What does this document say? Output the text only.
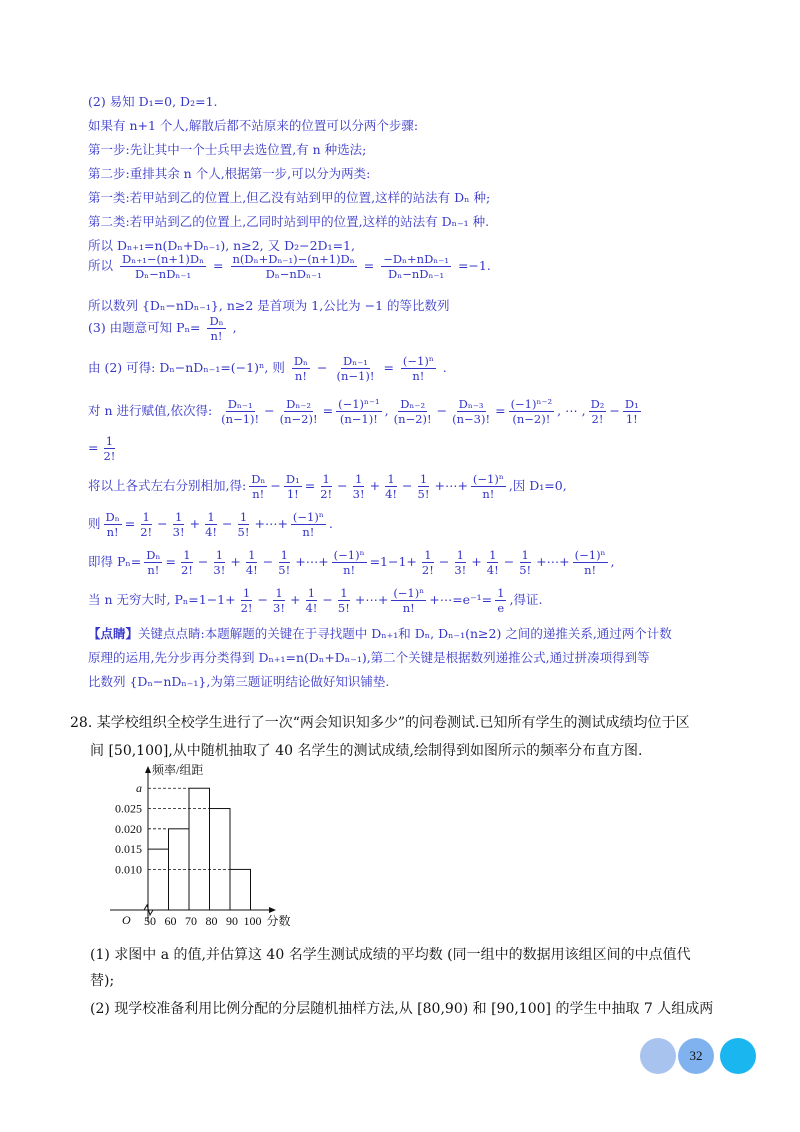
(2) 易知 D₁=0, D₂=1.
如果有 n+1 个人,解散后都不站原来的位置可以分两个步骤:
第一步:先让其中一个士兵甲去选位置,有 n 种选法;
第二步:重排其余 n 个人,根据第一步,可以分为两类:
第一类:若甲站到乙的位置上,但乙没有站到甲的位置,这样的站法有 Dₙ 种;
第二类:若甲站到乙的位置上,乙同时站到甲的位置,这样的站法有 Dₙ₋₁ 种.
所以 Dₙ₊₁=n(Dₙ+Dₙ₋₁), n≥2, 又 D₂−2D₁=1,
所以 $\frac{\text{Dₙ₊₁−(n+1)Dₙ}}{\text{Dₙ−nDₙ₋₁}} = \frac{\text{n(Dₙ+Dₙ₋₁)−(n+1)Dₙ}}{\text{Dₙ−nDₙ₋₁}} = \frac{\text{−Dₙ+nDₙ₋₁}}{\text{Dₙ−nDₙ₋₁}} =-1$.
所以数列 {Dₙ−nDₙ₋₁}, n≥2 是首项为 1,公比为 −1 的等比数列
(3) 由题意可知 $P_n= \frac{\text{Dₙ}}{n!}$ ,
由 (2) 可得: Dₙ−nDₙ₋₁=(−1)ⁿ, 则 $\frac{\text{Dₙ}}{n!} - \frac{\text{Dₙ₋₁}}{(n-1)!} = \frac{\text{(−1)ⁿ}}{n!}$ .
对 n 进行赋值,依次得: $\frac{\text{Dₙ₋₁}}{(n-1)!} - \frac{\text{Dₙ₋₂}}{(n-2)!} = \frac{\text{(−1)ⁿ⁻¹}}{(n-1)!}$ , $\frac{\text{Dₙ₋₂}}{(n-2)!} - \frac{\text{Dₙ₋₃}}{(n-3)!} = \frac{\text{(−1)ⁿ⁻²}}{(n-2)!}$ , ⋯ , $\frac{\text{D₂}}{2!} - \frac{\text{D₁}}{1!}$
= $\frac{1}{2!}$
将以上各式左右分别相加,得: $\frac{\text{Dₙ}}{n!} - \frac{\text{D₁}}{1!} = \frac{1}{2!} - \frac{1}{3!} + \frac{1}{4!} - \frac{1}{5!}$ +⋯+ $\frac{\text{(−1)ⁿ}}{n!}$ ,因 D₁=0,
则 $\frac{\text{Dₙ}}{n!} = \frac{1}{2!} - \frac{1}{3!} + \frac{1}{4!} - \frac{1}{5!}$ +⋯+ $\frac{\text{(−1)ⁿ}}{n!}$ .
即得 $P_n= \frac{\text{Dₙ}}{n!} = \frac{1}{2!} - \frac{1}{3!} + \frac{1}{4!} - \frac{1}{5!}$ +⋯+ $\frac{\text{(−1)ⁿ}}{n!} =1-1+ \frac{1}{2!} - \frac{1}{3!} + \frac{1}{4!} - \frac{1}{5!}$ +⋯+ $\frac{\text{(−1)ⁿ}}{n!}$ ,
当 n 无穷大时, $P_n=1-1+ \frac{1}{2!} - \frac{1}{3!} + \frac{1}{4!} - \frac{1}{5!}$ +⋯+ $\frac{\text{(−1)ⁿ}}{n!}$ +⋯=e⁻¹= $\frac{1}{e}$ ,得证.
【点睛】关键点点睛:本题解题的关键在于寻找题中 Dₙ₊₁和 Dₙ, Dₙ₋₁(n≥2) 之间的递推关系,通过两个计数
原理的运用,先分步再分类得到 Dₙ₊₁=n(Dₙ+Dₙ₋₁),第二个关键是根据数列递推公式,通过拼凑项得到等
比数列 {Dₙ−nDₙ₋₁},为第三题证明结论做好知识铺垫.
28. 某学校组织全校学生进行了一次“两会知识知多少”的问卷测试.已知所有学生的测试成绩均位于区
间 [50,100],从中随机抽取了 40 名学生的测试成绩,绘制得到如图所示的频率分布直方图.
频率/组距
O
0.010
0.015
0.020
0.025
a
50 60 70 80 90 100 分数
(1) 求图中 a 的值,并估算这 40 名学生测试成绩的平均数 (同一组中的数据用该组区间的中点值代
替);
(2) 现学校准备利用比例分配的分层随机抽样方法,从 [80,90) 和 [90,100] 的学生中抽取 7 人组成两
32
